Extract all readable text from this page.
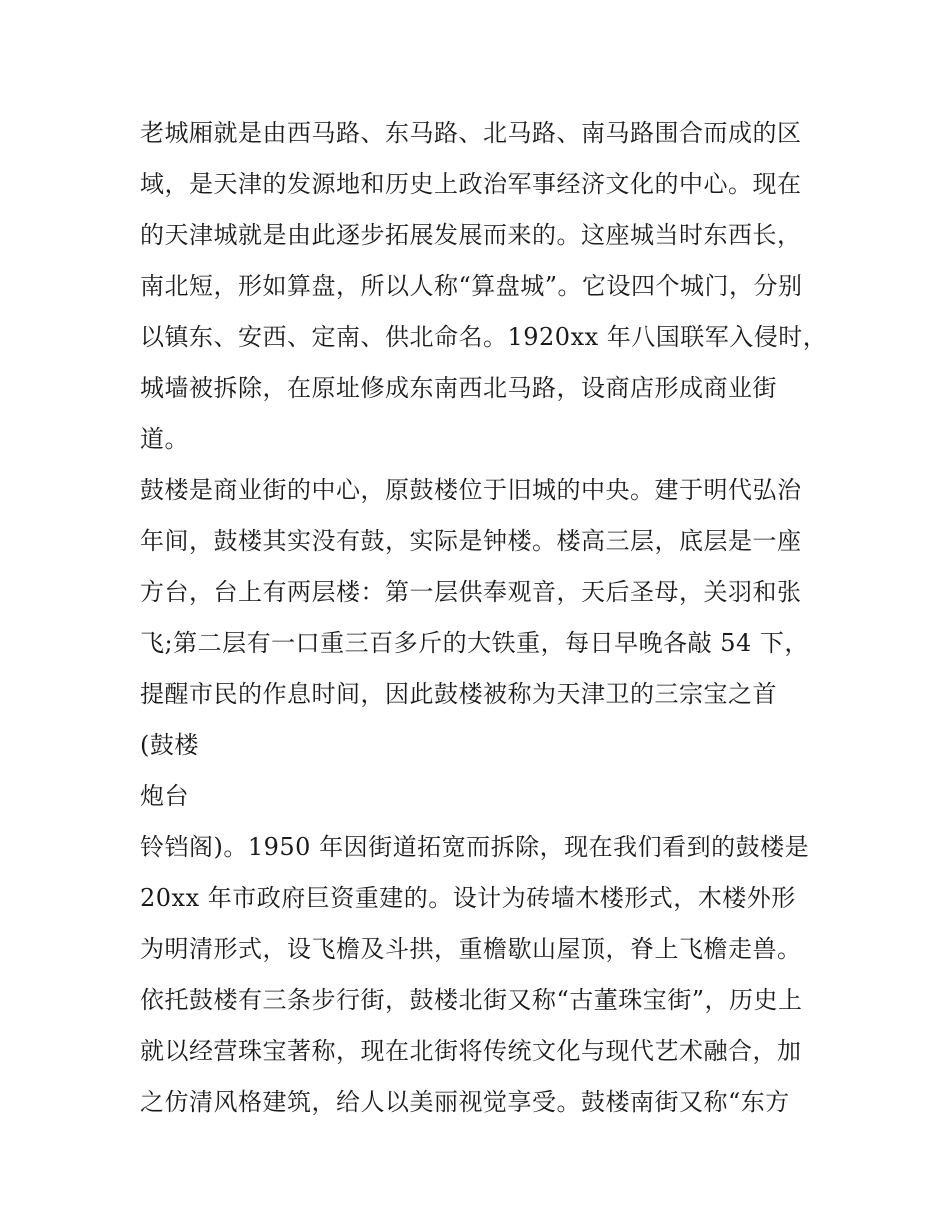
老城厢就是由西马路、东马路、北马路、南马路围合而成的区
域，是天津的发源地和历史上政治军事经济文化的中心。现在
的天津城就是由此逐步拓展发展而来的。这座城当时东西长，
南北短，形如算盘，所以人称“算盘城”。它设四个城门，分别
以镇东、安西、定南、供北命名。1920xx 年八国联军入侵时，
城墙被拆除，在原址修成东南西北马路，设商店形成商业街
道。
鼓楼是商业街的中心，原鼓楼位于旧城的中央。建于明代弘治
年间，鼓楼其实没有鼓，实际是钟楼。楼高三层，底层是一座
方台，台上有两层楼：第一层供奉观音，天后圣母，关羽和张
飞;第二层有一口重三百多斤的大铁重，每日早晚各敲 54 下，
提醒市民的作息时间，因此鼓楼被称为天津卫的三宗宝之首
(鼓楼
炮台
铃铛阁)。1950 年因街道拓宽而拆除，现在我们看到的鼓楼是
20xx 年市政府巨资重建的。设计为砖墙木楼形式，木楼外形
为明清形式，设飞檐及斗拱，重檐歇山屋顶，脊上飞檐走兽。
依托鼓楼有三条步行街，鼓楼北街又称“古董珠宝街”，历史上
就以经营珠宝著称，现在北街将传统文化与现代艺术融合，加
之仿清风格建筑，给人以美丽视觉享受。鼓楼南街又称“东方
